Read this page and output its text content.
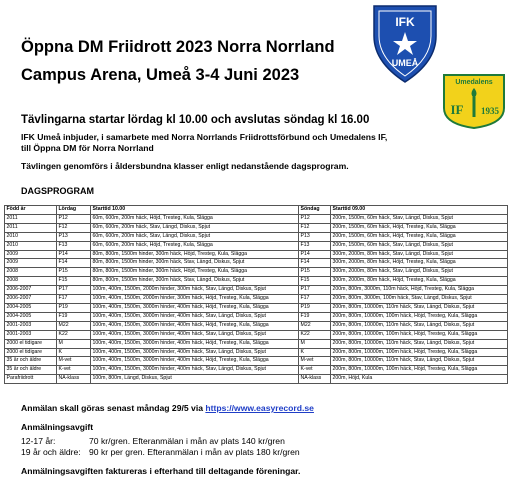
IFK
UMEÅ
Umedalens
IF 1935
Öppna DM Friidrott 2023 Norra Norrland
Campus Arena, Umeå 3-4 Juni 2023
Tävlingarna startar lördag kl 10.00 och avslutas söndag kl 16.00
IFK Umeå inbjuder, i samarbete med Norra Norrlands Friidrottsförbund och Umedalens IF,
till Öppna DM för Norra Norrland
Tävlingen genomförs i åldersbundna klasser enligt nedanstående dagsprogram.
DAGSPROGRAM
Född år	Lördag	Starttid 10.00	Söndag	Starttid 09.00
2011	P12	60m, 600m, 200m häck, Höjd, Tresteg, Kula, Slägga	P12	200m, 1500m, 60m häck, Stav, Längd, Diskus, Spjut
2011	F12	60m, 600m, 200m häck, Stav, Längd, Diskus, Spjut	F12	200m, 1500m, 60m häck, Höjd, Tresteg, Kula, Slägga
2010	P13	60m, 600m, 200m häck, Stav, Längd, Diskus, Spjut	P13	200m, 1500m, 60m häck, Höjd, Tresteg, Kula, Slägga
2010	F13	60m, 600m, 200m häck, Höjd, Tresteg, Kula, Slägga	F13	200m, 1500m, 60m häck, Stav, Längd, Diskus, Spjut
2009	P14	80m, 800m, 1500m hinder, 300m häck, Höjd, Tresteg, Kula, Slägga	P14	300m, 2000m, 80m häck, Stav, Längd, Diskus, Spjut
2009	F14	80m, 800m, 1500m hinder, 300m häck, Stav, Längd, Diskus, Spjut	F14	300m, 2000m, 80m häck, Höjd, Tresteg, Kula, Slägga
2008	P15	80m, 800m, 1500m hinder, 300m häck, Höjd, Tresteg, Kula, Slägga	P15	300m, 2000m, 80m häck, Stav, Längd, Diskus, Spjut
2008	F15	80m, 800m, 1500m hinder, 300m häck, Stav, Längd, Diskus, Spjut	F15	300m, 2000m, 80m häck, Höjd, Tresteg, Kula, Slägga
2006-2007	P17	100m, 400m, 1500m, 2000m hinder, 300m häck, Stav, Längd, Diskus, Spjut	P17	200m, 800m, 3000m, 110m häck, Höjd, Tresteg, Kula, Slägga
2006-2007	F17	100m, 400m, 1500m, 2000m hinder, 300m häck, Höjd, Tresteg, Kula, Slägga	F17	200m, 800m, 3000m, 100m häck, Stav, Längd, Diskus, Spjut
2004-2005	P19	100m, 400m, 1500m, 3000m hinder, 400m häck, Höjd, Tresteg, Kula, Slägga	P19	200m, 800m, 10000m, 110m häck, Stav, Längd, Diskus, Spjut
2004-2005	F19	100m, 400m, 1500m, 3000m hinder, 400m häck, Stav, Längd, Diskus, Spjut	F19	200m, 800m, 10000m, 100m häck, Höjd, Tresteg, Kula, Slägga
2001-2003	M22	100m, 400m, 1500m, 3000m hinder, 400m häck, Höjd, Tresteg, Kula, Slägga	M22	200m, 800m, 10000m, 110m häck, Stav, Längd, Diskus, Spjut
2001-2003	K22	100m, 400m, 1500m, 3000m hinder, 400m häck, Stav, Längd, Diskus, Spjut	K22	200m, 800m, 10000m, 100m häck, Höjd, Tresteg, Kula, Slägga
2000 el tidigare	M	100m, 400m, 1500m, 3000m hinder, 400m häck, Höjd, Tresteg, Kula, Slägga	M	200m, 800m, 10000m, 110m häck, Stav, Längd, Diskus, Spjut
2000 el tidigare	K	100m, 400m, 1500m, 3000m hinder, 400m häck, Stav, Längd, Diskus, Spjut	K	200m, 800m, 10000m, 100m häck, Höjd, Tresteg, Kula, Slägga
35 år och äldre	M-vet	100m, 400m, 1500m, 3000m hinder, 400m häck, Höjd, Tresteg, Kula, Slägga	M-vet	200m, 800m, 10000m, 110m häck, Stav, Längd, Diskus, Spjut
35 år och äldre	K-vet	100m, 400m, 1500m, 3000m hinder, 400m häck, Stav, Längd, Diskus, Spjut	K-vet	200m, 800m, 10000m, 100m häck, Höjd, Tresteg, Kula, Slägga
Parafriidrott	NA-klass	100m, 800m, Längd, Diskus, Spjut	NA-klass	200m, Höjd, Kula
Anmälan skall göras senast måndag 29/5 via https://www.easyrecord.se
Anmälningsavgift
12-17 år:	70 kr/gren. Efteranmälan i mån av plats 140 kr/gren
19 år och äldre: 90 kr per gren. Efteranmälan i mån av plats 180 kr/gren
Anmälningsavgiften faktureras i efterhand till deltagande föreningar.
